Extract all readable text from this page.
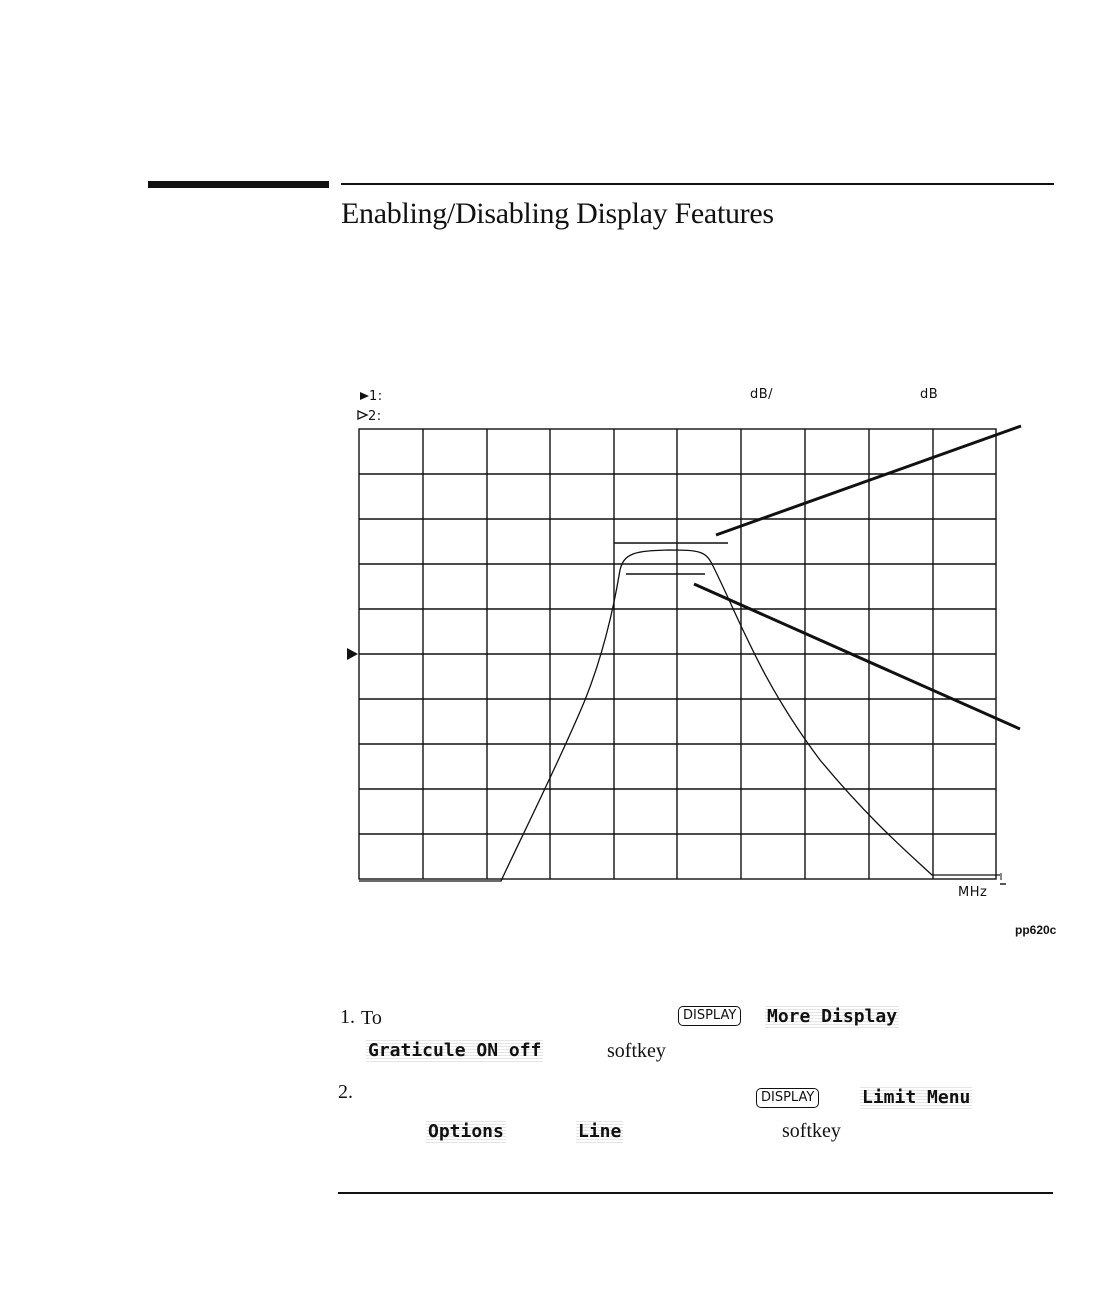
Enabling/Disabling Display Features
1:
2:
dB/	dB
MHz
pp620c
1. To	DISPLAY More Display
Graticule ON off	softkey
2.	DISPLAY	Limit Menu
Options	Line	softkey
